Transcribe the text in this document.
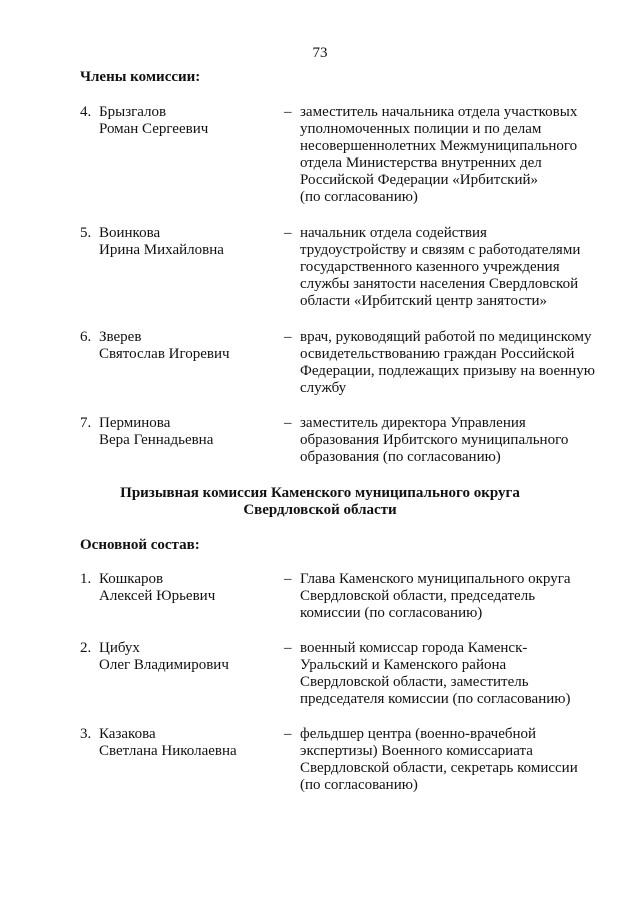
73
Члены комиссии:
4. Брызгалов
Роман Сергеевич
– заместитель начальника отдела участковых
уполномоченных полиции и по делам
несовершеннолетних Межмуниципального
отдела Министерства внутренних дел
Российской Федерации «Ирбитский»
(по согласованию)
5. Воинкова
Ирина Михайловна
– начальник отдела содействия
трудоустройству и связям с работодателями
государственного казенного учреждения
службы занятости населения Свердловской
области «Ирбитский центр занятости»
6. Зверев
Святослав Игоревич
– врач, руководящий работой по медицинскому
освидетельствованию граждан Российской
Федерации, подлежащих призыву на военную
службу
7. Перминова
Вера Геннадьевна
– заместитель директора Управления
образования Ирбитского муниципального
образования (по согласованию)
Призывная комиссия Каменского муниципального округа
Свердловской области
Основной состав:
1. Кошкаров
Алексей Юрьевич
– Глава Каменского муниципального округа
Свердловской области, председатель
комиссии (по согласованию)
2. Цибух
Олег Владимирович
– военный комиссар города Каменск-
Уральский и Каменского района
Свердловской области, заместитель
председателя комиссии (по согласованию)
3. Казакова
Светлана Николаевна
– фельдшер центра (военно-врачебной
экспертизы) Военного комиссариата
Свердловской области, секретарь комиссии
(по согласованию)
